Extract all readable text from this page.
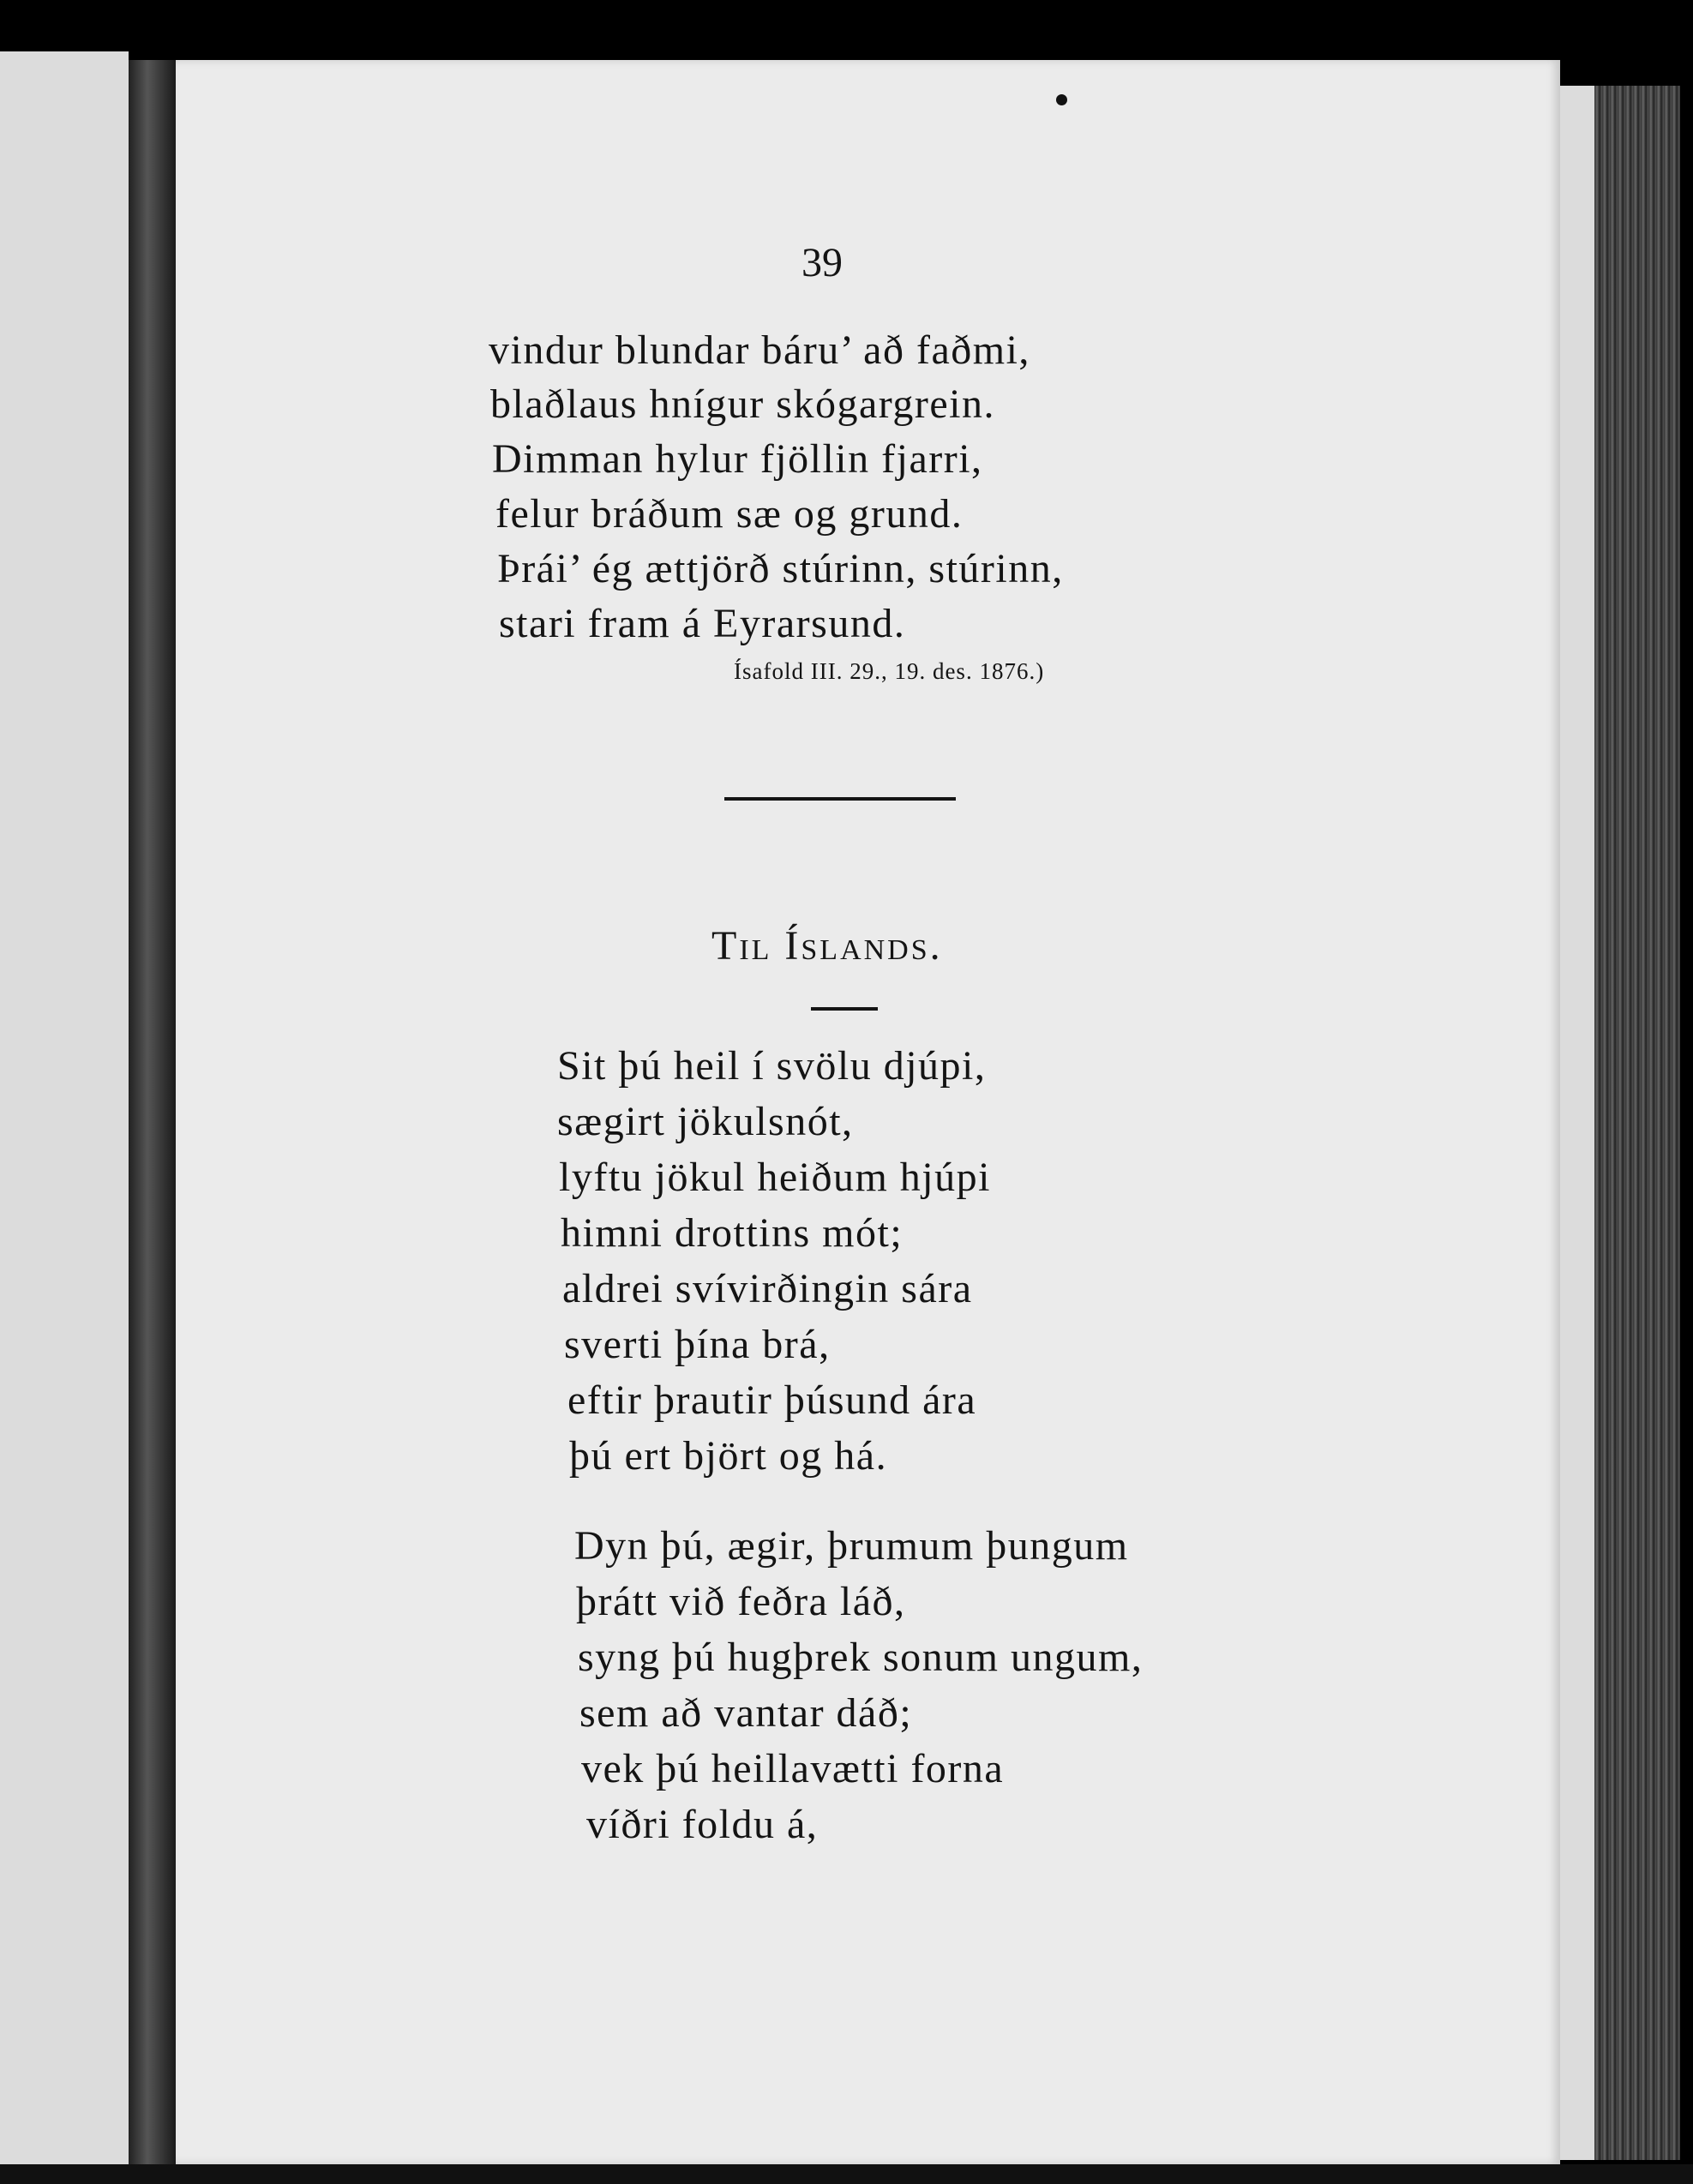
39
vindur blundar báru’ að faðmi,
blaðlaus hnígur skógargrein.
Dimman hylur fjöllin fjarri,
felur bráðum sæ og grund.
Þrái’ ég ættjörð stúrinn, stúrinn,
stari fram á Eyrarsund.
Ísafold III. 29., 19. des. 1876.)
Til Íslands.
Sit þú heil í svölu djúpi,
sægirt jökulsnót,
lyftu jökul heiðum hjúpi
himni drottins mót;
aldrei svívirðingin sára
sverti þína brá,
eftir þrautir þúsund ára
þú ert björt og há.
Dyn þú, ægir, þrumum þungum
þrátt við feðra láð,
syng þú hugþrek sonum ungum,
sem að vantar dáð;
vek þú heillavætti forna
víðri foldu á,
